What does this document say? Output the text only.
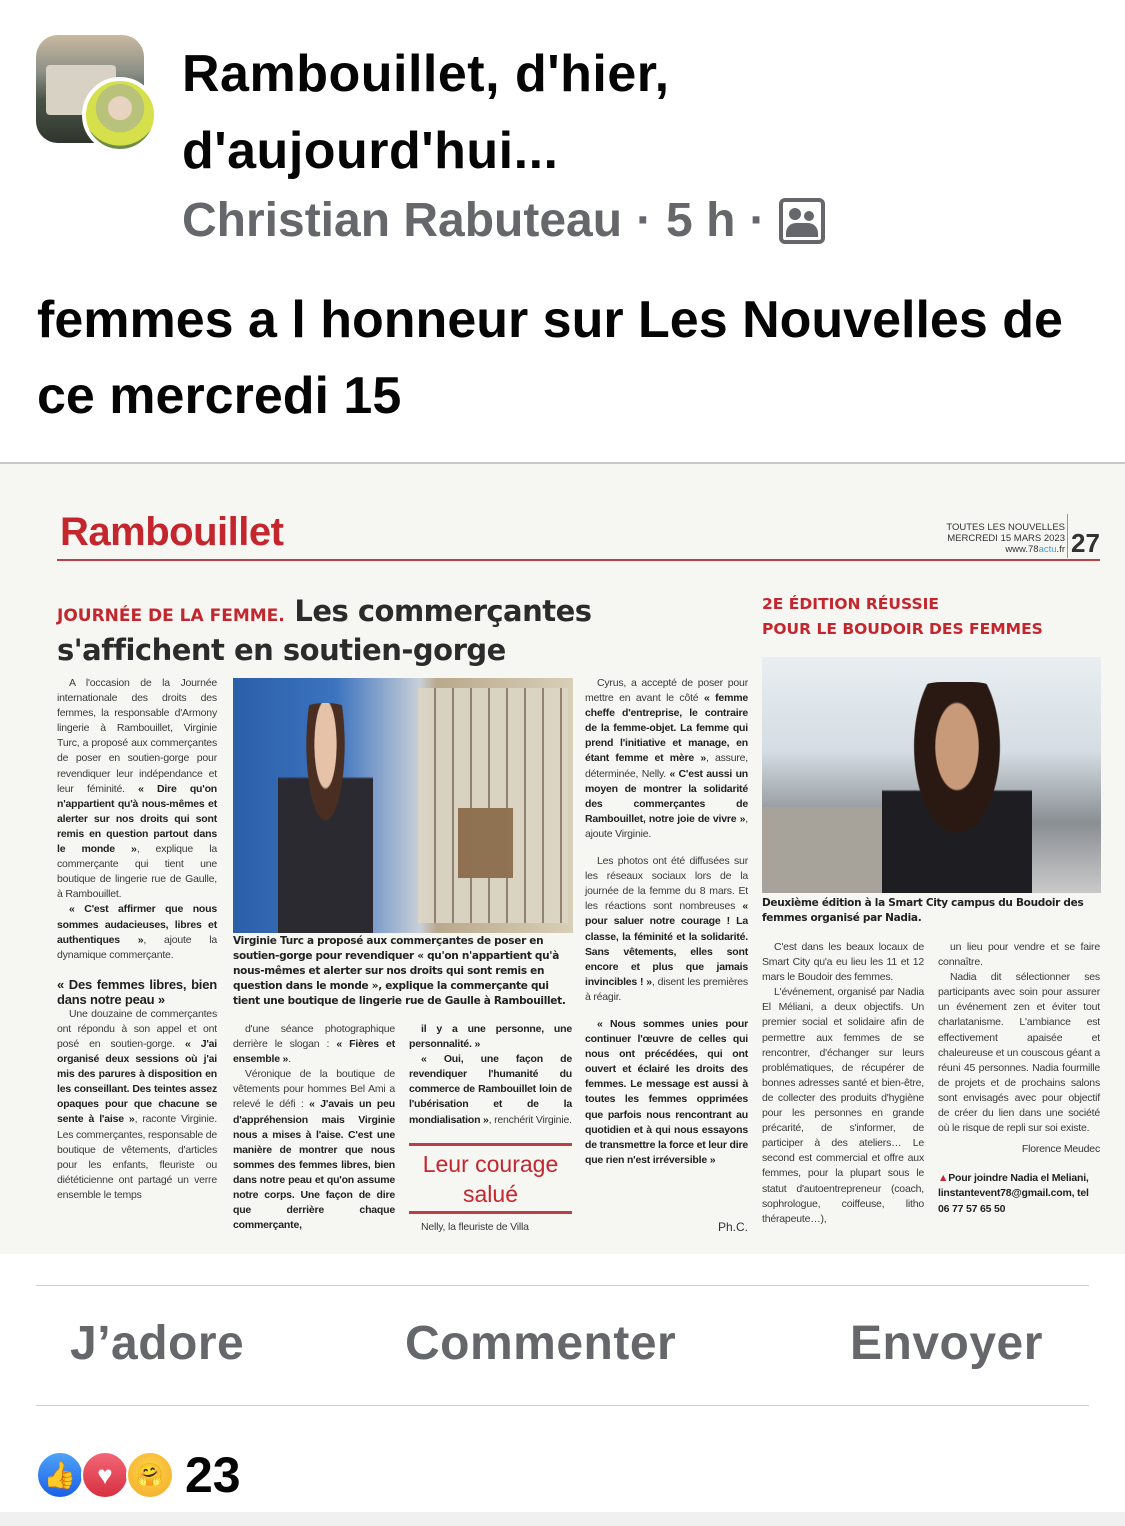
Rambouillet, d'hier, d'aujourd'hui...
Christian Rabuteau · 5 h ·
femmes a l honneur sur Les Nouvelles de ce mercredi 15
Rambouillet	TOUTES LES NOUVELLES
MERCREDI 15 MARS 2023
www.78actu.fr 27
JOURNÉE DE LA FEMME. Les commerçantes s'affichent en soutien-gorge

A l'occasion de la Journée internationale des droits des femmes, la responsable d'Armony lingerie à Rambouillet, Virginie Turc, a proposé aux commerçantes de poser en soutien-gorge pour revendiquer leur indépendance et leur féminité. « Dire qu'on n'appartient qu'à nous-mêmes et alerter sur nos droits qui sont remis en question partout dans le monde », explique la commerçante qui tient une boutique de lingerie rue de Gaulle, à Rambouillet.

« C'est affirmer que nous sommes audacieuses, libres et authentiques », ajoute la dynamique commerçante.

« Des femmes libres, bien dans notre peau »

Une douzaine de commerçantes ont répondu à son appel et ont posé en soutien-gorge. « J'ai organisé deux sessions où j'ai mis des parures à disposition en les conseillant. Des teintes assez opaques pour que chacune se sente à l'aise », raconte Virginie. Les commerçantes, responsable de boutique de vêtements, d'articles pour les enfants, fleuriste ou diététicienne ont partagé un verre ensemble le temps

Virginie Turc a proposé aux commerçantes de poser en soutien-gorge pour revendiquer « qu'on n'appartient qu'à nous-mêmes et alerter sur nos droits qui sont remis en question dans le monde », explique la commerçante qui tient une boutique de lingerie rue de Gaulle à Rambouillet.

d'une séance photographique derrière le slogan : « Fières et ensemble ».

Véronique de la boutique de vêtements pour hommes Bel Ami a relevé le défi : « J'avais un peu d'appréhension mais Virginie nous a mises à l'aise. C'est une manière de montrer que nous sommes des femmes libres, bien dans notre peau et qu'on assume notre corps. Une façon de dire que derrière chaque commerçante,

il y a une personne, une personnalité. »

« Oui, une façon de revendiquer l'humanité du commerce de Rambouillet loin de l'ubérisation et de la mondialisation », renchérit Virginie.

Leur courage salué

Nelly, la fleuriste de Villa

Cyrus, a accepté de poser pour mettre en avant le côté « femme cheffe d'entreprise, le contraire de la femme-objet. La femme qui prend l'initiative et manage, en étant femme et mère », assure, déterminée, Nelly. « C'est aussi un moyen de montrer la solidarité des commerçantes de Rambouillet, notre joie de vivre », ajoute Virginie.

Les photos ont été diffusées sur les réseaux sociaux lors de la journée de la femme du 8 mars. Et les réactions sont nombreuses « pour saluer notre courage ! La classe, la féminité et la solidarité. Sans vêtements, elles sont encore et plus que jamais invincibles ! », disent les premières à réagir.

« Nous sommes unies pour continuer l'œuvre de celles qui nous ont précédées, qui ont ouvert et éclairé les droits des femmes. Le message est aussi à toutes les femmes opprimées que parfois nous rencontrant au quotidien et à qui nous essayons de transmettre la force et leur dire que rien n'est irréversible »

Ph.C.
2E ÉDITION RÉUSSIE
POUR LE BOUDOIR DES FEMMES
Deuxième édition à la Smart City campus du Boudoir des femmes organisé par Nadia.

C'est dans les beaux locaux de Smart City qu'a eu lieu les 11 et 12 mars le Boudoir des femmes.

L'événement, organisé par Nadia El Méliani, a deux objectifs. Un premier social et solidaire afin de permettre aux femmes de se rencontrer, d'échanger sur leurs problématiques, de récupérer de bonnes adresses santé et bien-être, de collecter des produits d'hygiène pour les personnes en grande précarité, de s'informer, de participer à des ateliers… Le second est commercial et offre aux femmes, pour la plupart sous le statut d'autoentrepreneur (coach, sophrologue, coiffeuse, litho thérapeute…),

un lieu pour vendre et se faire connaître.

Nadia dit sélectionner ses participants avec soin pour assurer un événement zen et éviter tout charlatanisme. L'ambiance est effectivement apaisée et chaleureuse et un couscous géant a réuni 45 personnes. Nadia fourmille de projets et de prochains salons sont envisagés avec pour objectif de créer du lien dans une société où le risque de repli sur soi existe.

Florence Meudec

▲Pour joindre Nadia el Meliani, linstantevent78@gmail.com, tel 06 77 57 65 50

J’adore	Commenter	Envoyer
👍 ♥	🤗 23
